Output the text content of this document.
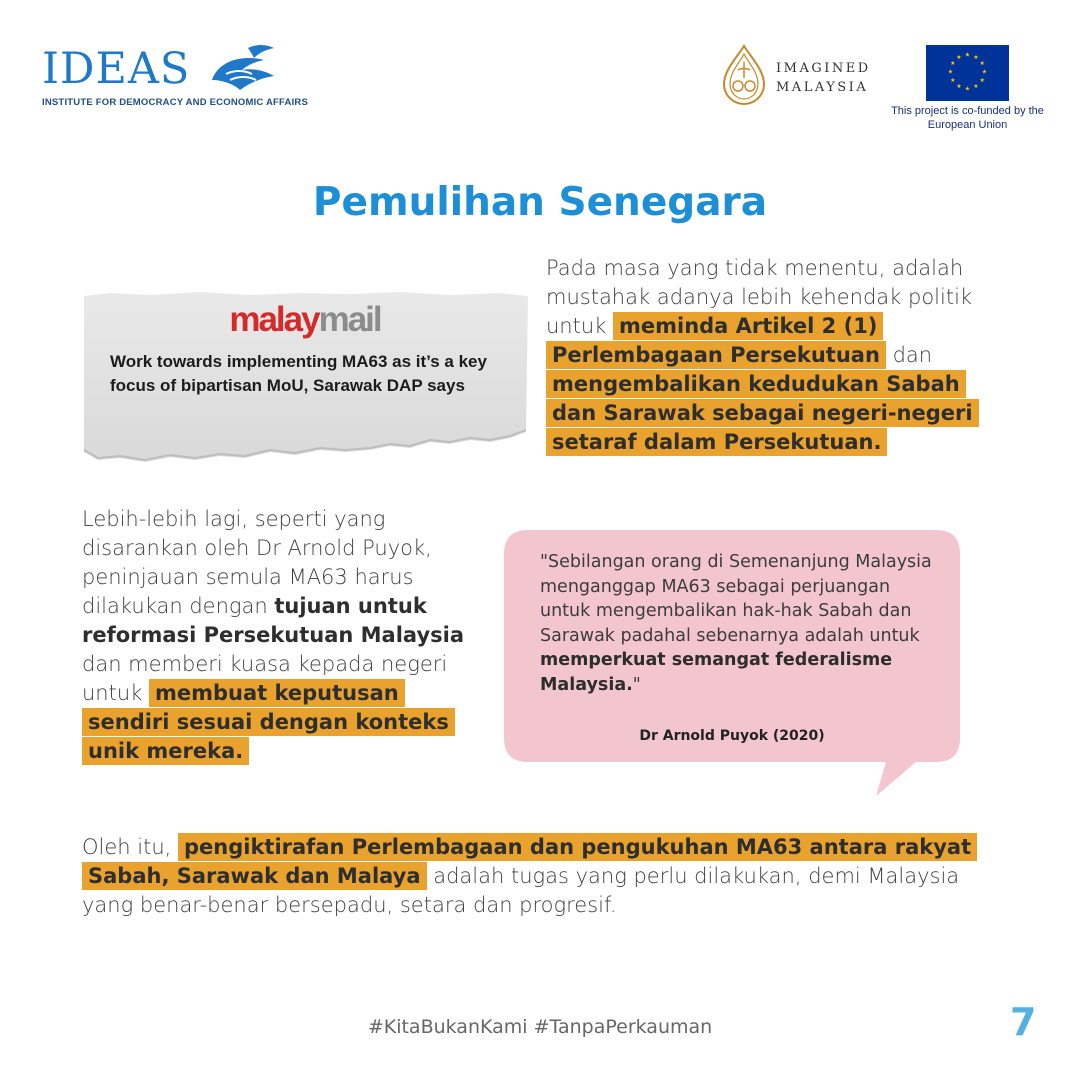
IDEAS
INSTITUTE FOR DEMOCRACY AND ECONOMIC AFFAIRS
IMAGINED
MALAYSIA
★ ★
★
★
★
★
★
★
★
★
★
★
This project is co-funded by the European Union
Pemulihan Senegara
malaymail
Work towards implementing MA63 as it’s a key focus of bipartisan MoU, Sarawak DAP says
Pada masa yang tidak menentu, adalah mustahak adanya lebih kehendak politik untuk meminda Artikel 2 (1) Perlembagaan Persekutuan dan mengembalikan kedudukan Sabah dan Sarawak sebagai negeri-negeri setaraf dalam Persekutuan.
Lebih-lebih lagi, seperti yang disarankan oleh Dr Arnold Puyok, peninjauan semula MA63 harus dilakukan dengan tujuan untuk reformasi Persekutuan Malaysia dan memberi kuasa kepada negeri untuk membuat keputusan sendiri sesuai dengan konteks unik mereka.
"Sebilangan orang di Semenanjung Malaysia menganggap MA63 sebagai perjuangan untuk mengembalikan hak-hak Sabah dan Sarawak padahal sebenarnya adalah untuk memperkuat semangat federalisme Malaysia."
Dr Arnold Puyok (2020)
Oleh itu, pengiktirafan Perlembagaan dan pengukuhan MA63 antara rakyat Sabah, Sarawak dan Malaya adalah tugas yang perlu dilakukan, demi Malaysia yang benar-benar bersepadu, setara dan progresif.
#KitaBukanKami #TanpaPerkauman	7
